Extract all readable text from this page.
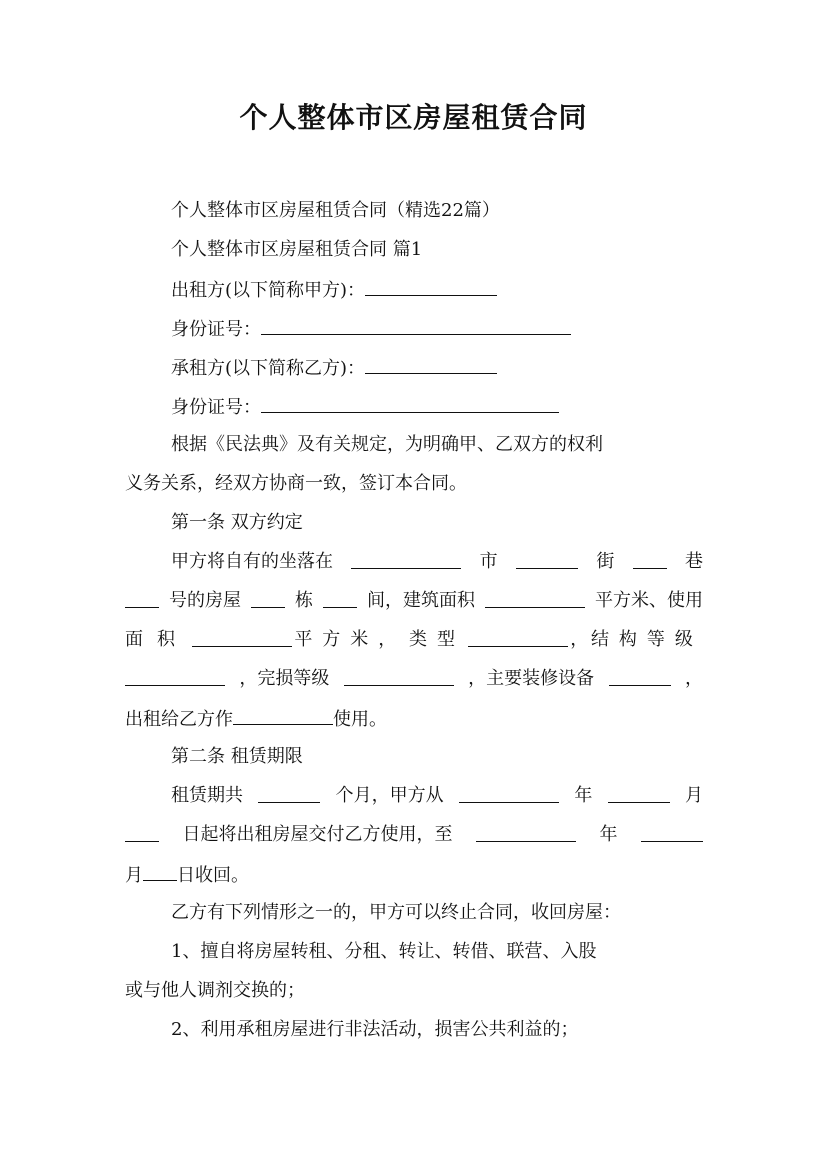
个人整体市区房屋租赁合同
个人整体市区房屋租赁合同（精选22篇）
个人整体市区房屋租赁合同 篇1
出租方(以下简称甲方)：
身份证号：
承租方(以下简称乙方)：
身份证号：
根据《民法典》及有关规定，为明确甲、乙双方的权利
义务关系，经双方协商一致，签订本合同。
第一条 双方约定
甲方将自有的坐落在	市	街	巷
号的房屋	栋	间，建筑面积	平方米、使用
面积	平方米， 类型	， 结构等级
，完损等级	，主要装修设备	，
出租给乙方作	使用。
第二条 租赁期限
租赁期共	个月，甲方从	年	月
日起将出租房屋交付乙方使用，至	年
月 日收回。
乙方有下列情形之一的，甲方可以终止合同，收回房屋：
1、擅自将房屋转租、分租、转让、转借、联营、入股
或与他人调剂交换的；
2、利用承租房屋进行非法活动，损害公共利益的；
